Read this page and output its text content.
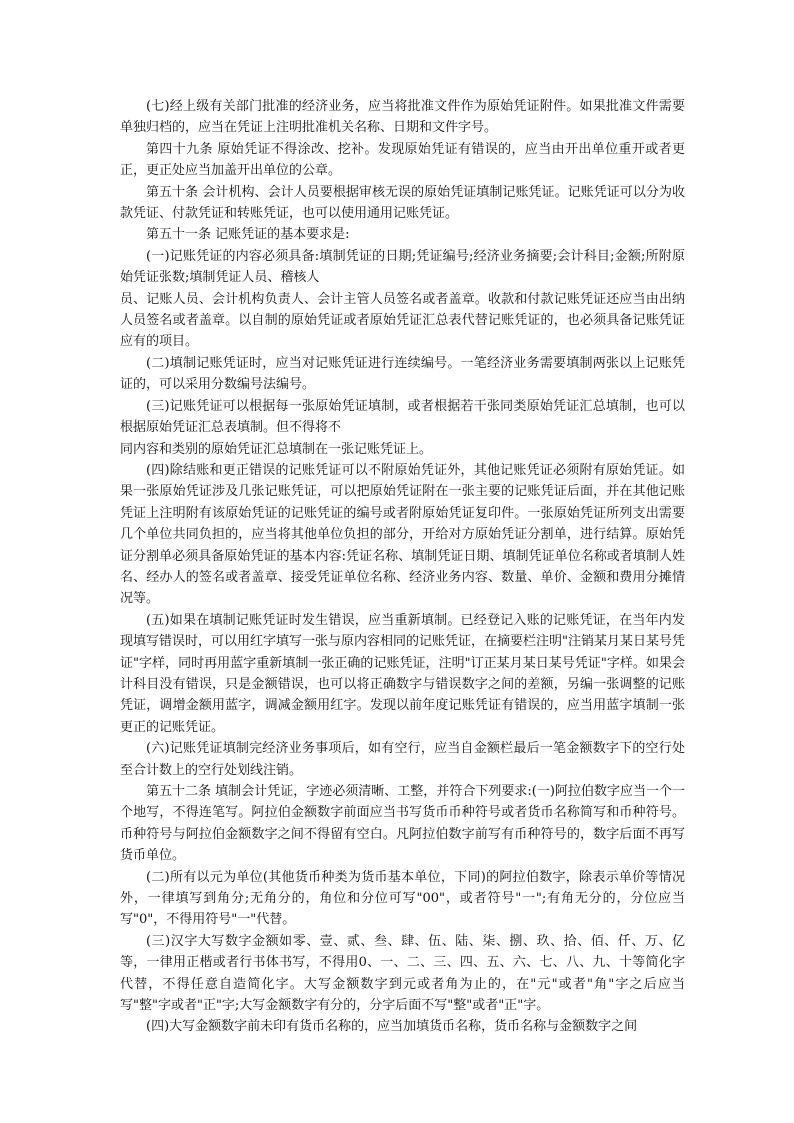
(七)经上级有关部门批准的经济业务，应当将批准文件作为原始凭证附件。如果批准文件需要单独归档的，应当在凭证上注明批准机关名称、日期和文件字号。

第四十九条 原始凭证不得涂改、挖补。发现原始凭证有错误的，应当由开出单位重开或者更正，更正处应当加盖开出单位的公章。

第五十条 会计机构、会计人员要根据审核无误的原始凭证填制记账凭证。记账凭证可以分为收款凭证、付款凭证和转账凭证，也可以使用通用记账凭证。

第五十一条 记账凭证的基本要求是:

(一)记账凭证的内容必须具备:填制凭证的日期;凭证编号;经济业务摘要;会计科目;金额;所附原始凭证张数;填制凭证人员、稽核人

员、记账人员、会计机构负责人、会计主管人员签名或者盖章。收款和付款记账凭证还应当由出纳人员签名或者盖章。以自制的原始凭证或者原始凭证汇总表代替记账凭证的，也必须具备记账凭证应有的项目。

(二)填制记账凭证时，应当对记账凭证进行连续编号。一笔经济业务需要填制两张以上记账凭证的，可以采用分数编号法编号。

(三)记账凭证可以根据每一张原始凭证填制，或者根据若干张同类原始凭证汇总填制，也可以根据原始凭证汇总表填制。但不得将不

同内容和类别的原始凭证汇总填制在一张记账凭证上。

(四)除结账和更正错误的记账凭证可以不附原始凭证外，其他记账凭证必须附有原始凭证。如果一张原始凭证涉及几张记账凭证，可以把原始凭证附在一张主要的记账凭证后面，并在其他记账凭证上注明附有该原始凭证的记账凭证的编号或者附原始凭证复印件。一张原始凭证所列支出需要几个单位共同负担的，应当将其他单位负担的部分，开给对方原始凭证分割单，进行结算。原始凭证分割单必须具备原始凭证的基本内容:凭证名称、填制凭证日期、填制凭证单位名称或者填制人姓名、经办人的签名或者盖章、接受凭证单位名称、经济业务内容、数量、单价、金额和费用分摊情况等。

(五)如果在填制记账凭证时发生错误，应当重新填制。已经登记入账的记账凭证，在当年内发现填写错误时，可以用红字填写一张与原内容相同的记账凭证，在摘要栏注明"注销某月某日某号凭证"字样，同时再用蓝字重新填制一张正确的记账凭证，注明"订正某月某日某号凭证"字样。如果会计科目没有错误，只是金额错误，也可以将正确数字与错误数字之间的差额，另编一张调整的记账凭证，调增金额用蓝字，调减金额用红字。发现以前年度记账凭证有错误的，应当用蓝字填制一张更正的记账凭证。

(六)记账凭证填制完经济业务事项后，如有空行，应当自金额栏最后一笔金额数字下的空行处至合计数上的空行处划线注销。

第五十二条 填制会计凭证，字迹必须清晰、工整，并符合下列要求:(一)阿拉伯数字应当一个一个地写，不得连笔写。阿拉伯金额数字前面应当书写货币币种符号或者货币名称简写和币种符号。币种符号与阿拉伯金额数字之间不得留有空白。凡阿拉伯数字前写有币种符号的，数字后面不再写货币单位。

(二)所有以元为单位(其他货币种类为货币基本单位，下同)的阿拉伯数字，除表示单价等情况外，一律填写到角分;无角分的，角位和分位可写"00"，或者符号"一";有角无分的，分位应当写"0"，不得用符号"一"代替。

(三)汉字大写数字金额如零、壹、贰、叁、肆、伍、陆、柒、捌、玖、拾、佰、仟、万、亿等，一律用正楷或者行书体书写，不得用0、一、二、三、四、五、六、七、八、九、十等简化字代替，不得任意自造简化字。大写金额数字到元或者角为止的，在"元"或者"角"字之后应当写"整"字或者"正"字;大写金额数字有分的，分字后面不写"整"或者"正"字。

(四)大写金额数字前未印有货币名称的，应当加填货币名称，货币名称与金额数字之间
